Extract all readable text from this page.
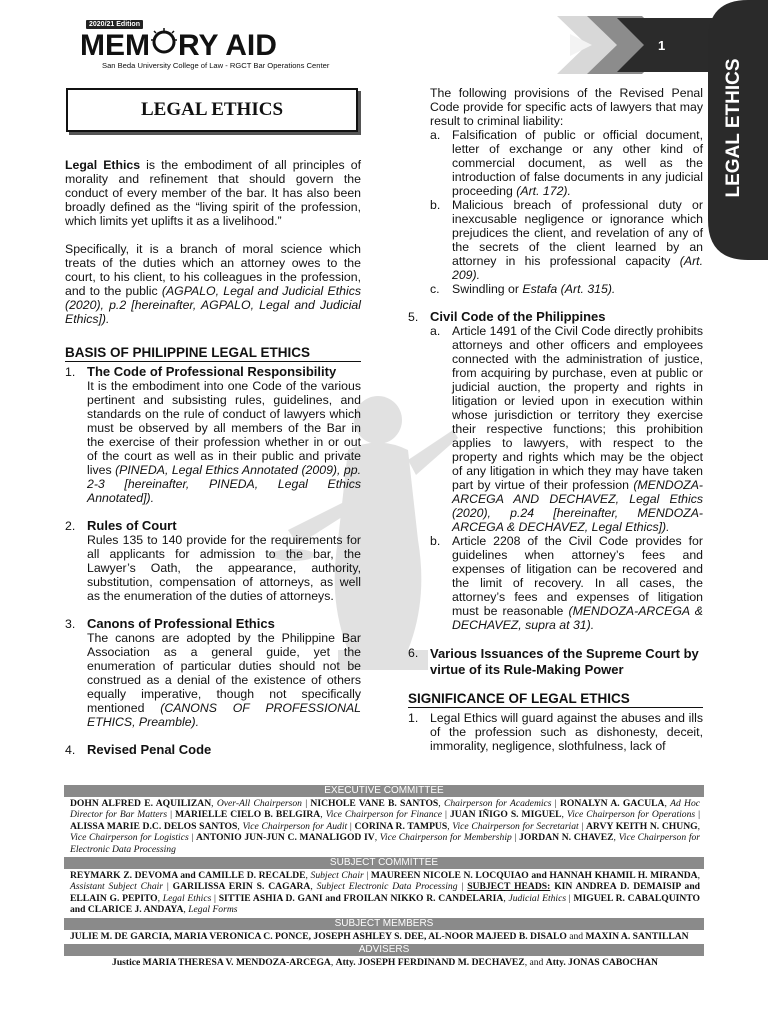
2020/21 Edition
MEM RY AID
San Beda University College of Law - RGCT Bar Operations Center
1
LEGAL ETHICS
LEGAL ETHICS

Legal Ethics is the embodiment of all principles of morality and refinement that should govern the conduct of every member of the bar. It has also been broadly defined as the “living spirit of the profession, which limits yet uplifts it as a livelihood.”

Specifically, it is a branch of moral science which treats of the duties which an attorney owes to the court, to his client, to his colleagues in the profession, and to the public (AGPALO, Legal and Judicial Ethics (2020), p.2 [hereinafter, AGPALO, Legal and Judicial Ethics]).

BASIS OF PHILIPPINE LEGAL ETHICS
1. The Code of Professional Responsibility

It is the embodiment into one Code of the various pertinent and subsisting rules, guidelines, and standards on the rule of conduct of lawyers which must be observed by all members of the Bar in the exercise of their profession whether in or out of the court as well as in their public and private lives (PINEDA, Legal Ethics Annotated (2009), pp. 2-3 [hereinafter, PINEDA, Legal Ethics Annotated]).

2. Rules of Court

Rules 135 to 140 provide for the requirements for all applicants for admission to the bar, the Lawyer’s Oath, the appearance, authority, substitution, compensation of attorneys, as well as the enumeration of the duties of attorneys.

3. Canons of Professional Ethics

The canons are adopted by the Philippine Bar Association as a general guide, yet the enumeration of particular duties should not be construed as a denial of the existence of others equally imperative, though not specifically mentioned (CANONS OF PROFESSIONAL ETHICS, Preamble).

4. Revised Penal Code

The following provisions of the Revised Penal Code provide for specific acts of lawyers that may result to criminal liability:

a. Falsification of public or official document, letter of exchange or any other kind of commercial document, as well as the introduction of false documents in any judicial proceeding (Art. 172).

b. Malicious breach of professional duty or inexcusable negligence or ignorance which prejudices the client, and revelation of any of the secrets of the client learned by an attorney in his professional capacity (Art. 209).

c. Swindling or Estafa (Art. 315).

5. Civil Code of the Philippines
a. Article 1491 of the Civil Code directly prohibits attorneys and other officers and employees connected with the administration of justice, from acquiring by purchase, even at public or judicial auction, the property and rights in litigation or levied upon in execution within whose jurisdiction or territory they exercise their respective functions; this prohibition applies to lawyers, with respect to the property and rights which may be the object of any litigation in which they may have taken part by virtue of their profession (MENDOZA-ARCEGA AND DECHAVEZ, Legal Ethics (2020), p.24 [hereinafter, MENDOZA-ARCEGA & DECHAVEZ, Legal Ethics]).

b. Article 2208 of the Civil Code provides for guidelines when attorney’s fees and expenses of litigation can be recovered and the limit of recovery. In all cases, the attorney’s fees and expenses of litigation must be reasonable (MENDOZA-ARCEGA & DECHAVEZ, supra at 31).

6. Various Issuances of the Supreme Court by virtue of its Rule-Making Power
SIGNIFICANCE OF LEGAL ETHICS
1. Legal Ethics will guard against the abuses and ills of the profession such as dishonesty, deceit, immorality, negligence, slothfulness, lack of

EXECUTIVE COMMITTEE
DOHN ALFRED E. AQUILIZAN, Over-All Chairperson | NICHOLE VANE B. SANTOS, Chairperson for Academics | RONALYN A. GACULA, Ad Hoc Director for Bar Matters | MARIELLE CIELO B. BELGIRA, Vice Chairperson for Finance | JUAN IÑIGO S. MIGUEL, Vice Chairperson for Operations | ALISSA MARIE D.C. DELOS SANTOS, Vice Chairperson for Audit | CORINA R. TAMPUS, Vice Chairperson for Secretariat | ARVY KEITH N. CHUNG, Vice Chairperson for Logistics | ANTONIO JUN-JUN C. MANALIGOD IV, Vice Chairperson for Membership | JORDAN N. CHAVEZ, Vice Chairperson for Electronic Data Processing
SUBJECT COMMITTEE
REYMARK Z. DEVOMA and CAMILLE D. RECALDE, Subject Chair | MAUREEN NICOLE N. LOCQUIAO and HANNAH KHAMIL H. MIRANDA, Assistant Subject Chair | GARILISSA ERIN S. CAGARA, Subject Electronic Data Processing | SUBJECT HEADS: KIN ANDREA D. DEMAISIP and ELLAIN G. PEPITO, Legal Ethics | SITTIE ASHIA D. GANI and FROILAN NIKKO R. CANDELARIA, Judicial Ethics | MIGUEL R. CABALQUINTO and CLARICE J. ANDAYA, Legal Forms
SUBJECT MEMBERS
JULIE M. DE GARCIA, MARIA VERONICA C. PONCE, JOSEPH ASHLEY S. DEE, AL-NOOR MAJEED B. DISALO and MAXIN A. SANTILLAN
ADVISERS
Justice MARIA THERESA V. MENDOZA-ARCEGA, Atty. JOSEPH FERDINAND M. DECHAVEZ, and Atty. JONAS CABOCHAN
